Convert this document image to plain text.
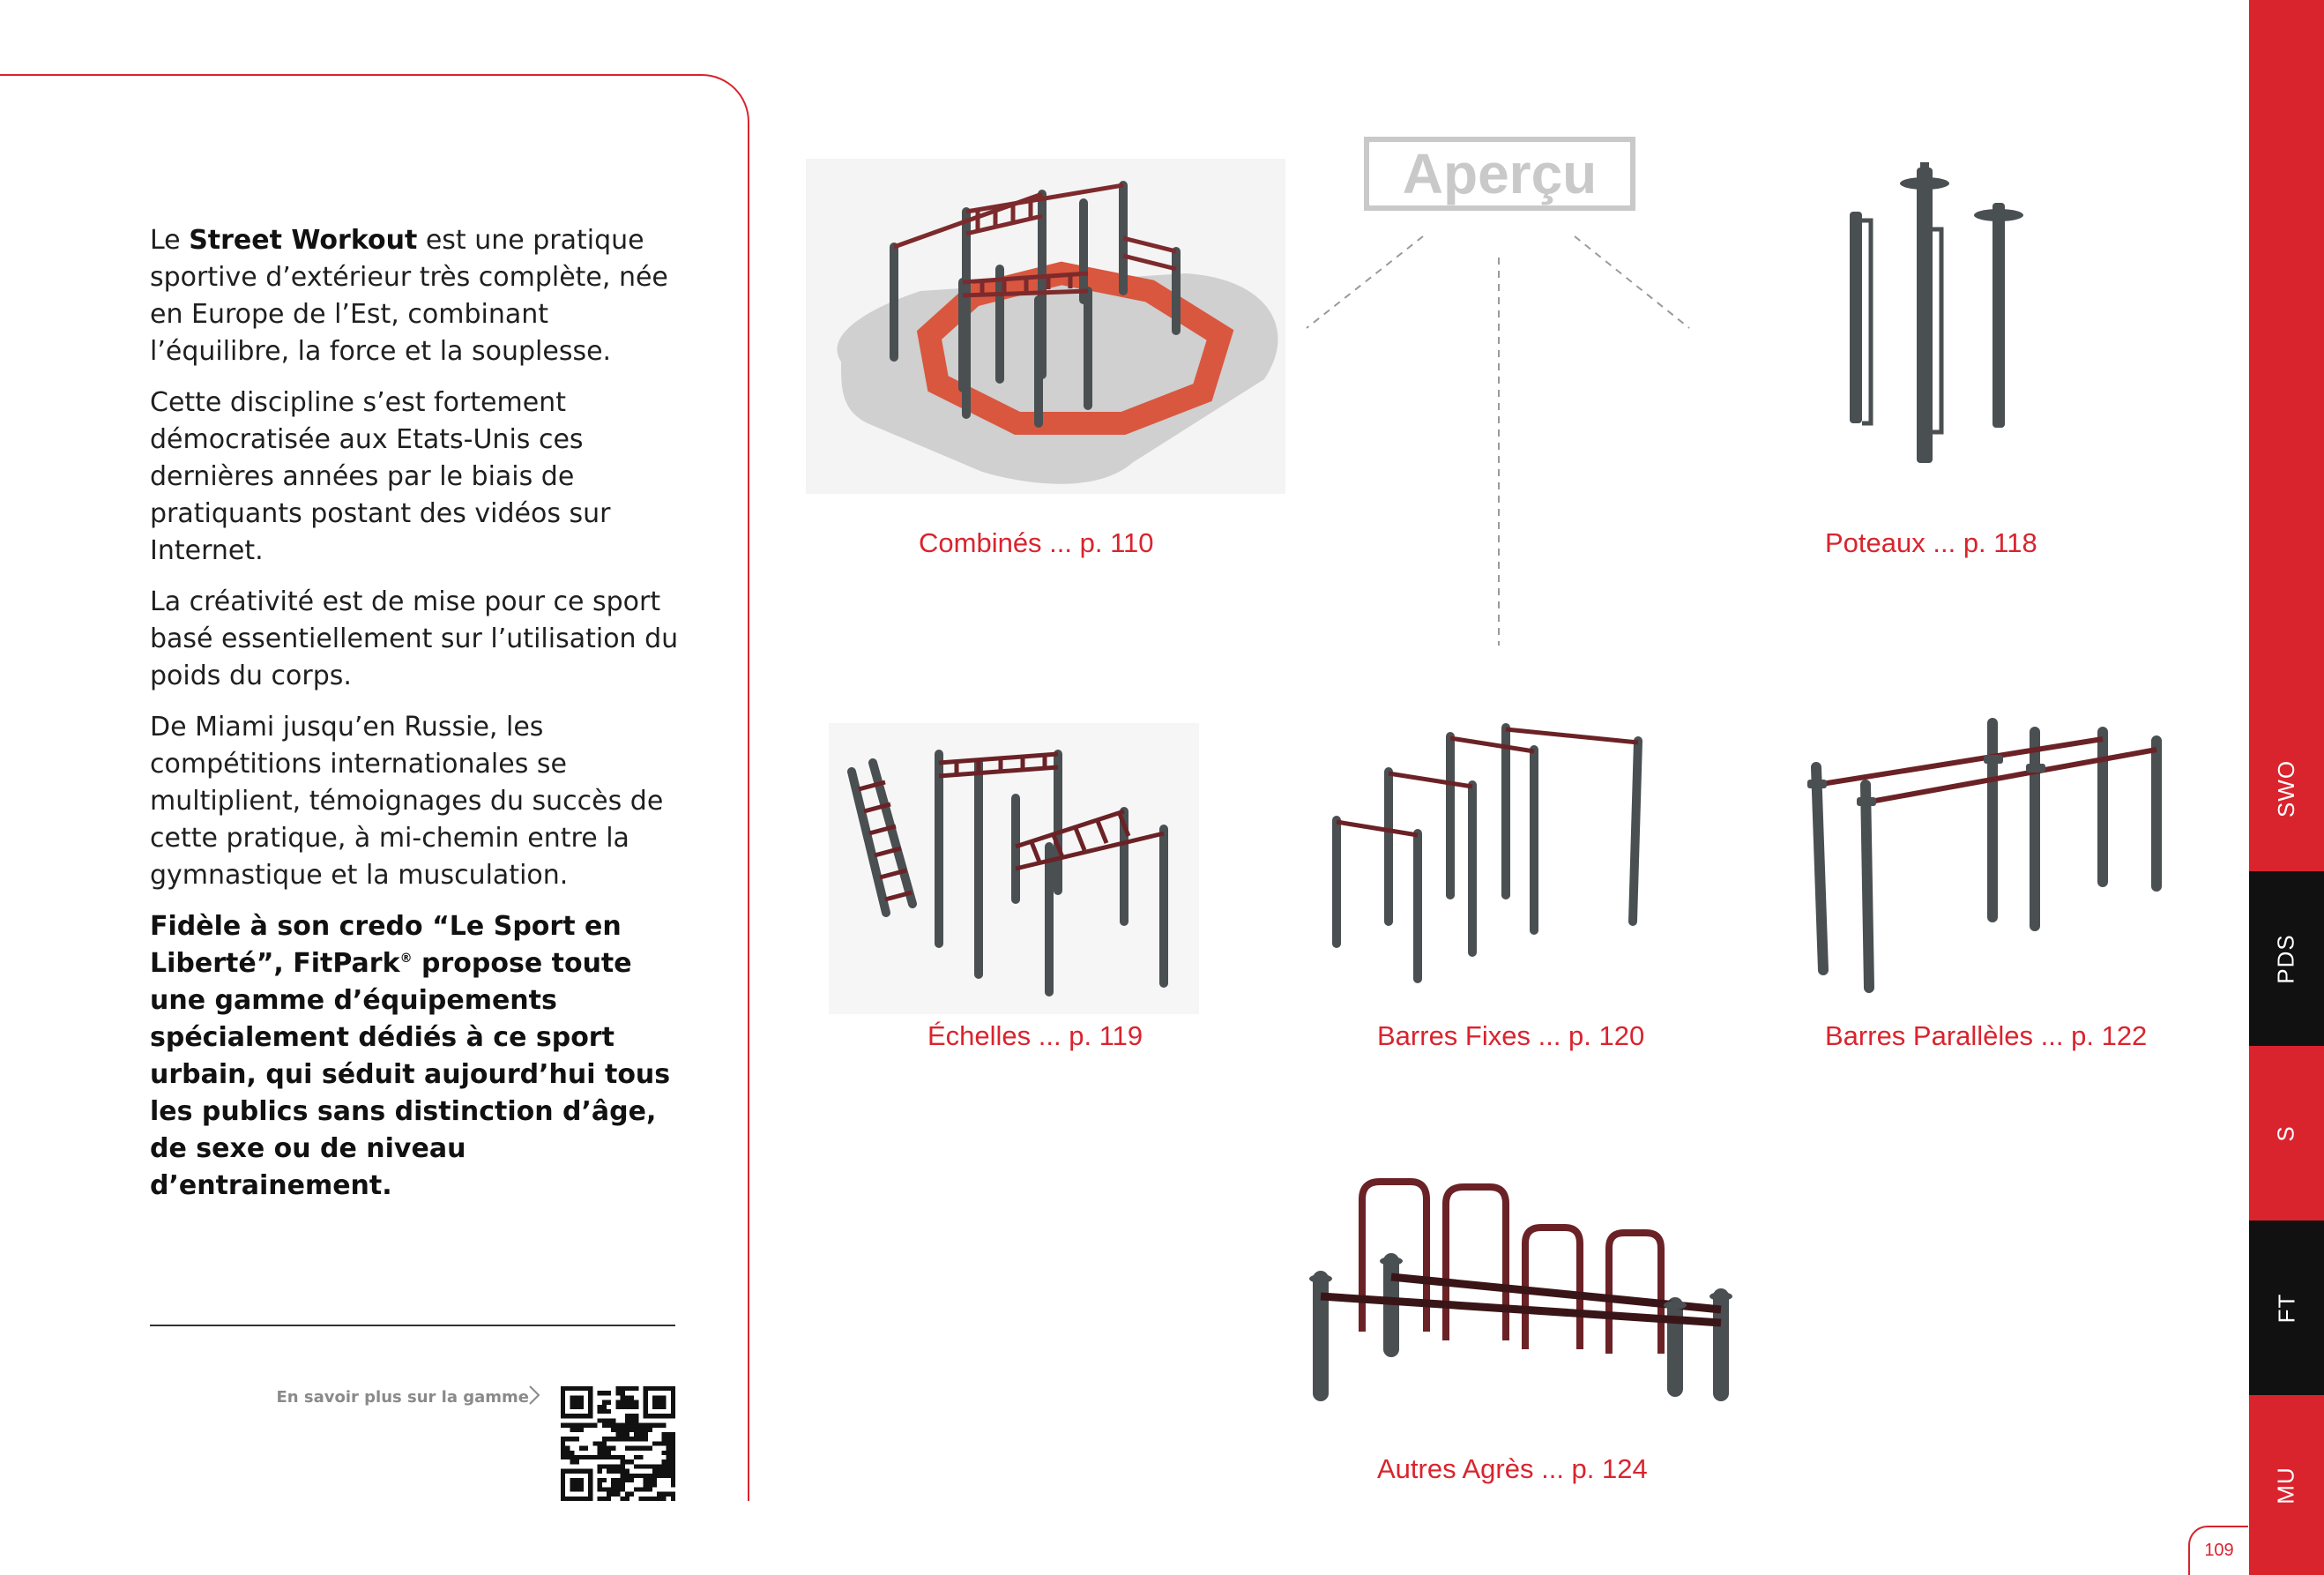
Le Street Workout est une pratique sportive d’extérieur très complète, née en Europe de l’Est, combinant l’équilibre, la force et la souplesse.

Cette discipline s’est fortement démocratisée aux Etats-Unis ces dernières années par le biais de pratiquants postant des vidéos sur Internet.

La créativité est de mise pour ce sport basé essentiellement sur l’utilisation du poids du corps.

De Miami jusqu’en Russie, les compétitions internationales se multiplient, témoignages du succès de cette pratique, à mi-chemin entre la gymnastique et la musculation.

Fidèle à son credo “Le Sport en Liberté”, FitPark® propose toute une gamme d’équipements spécialement dédiés à ce sport urbain, qui séduit aujourd’hui tous les publics sans distinction d’âge, de sexe ou de niveau d’entrainement.

En savoir plus sur la gamme
Aperçu
Combinés ... p. 110	Poteaux ... p. 118
Échelles ... p. 119	Barres Fixes ... p. 120	Barres Parallèles ... p. 122
Autres Agrès ... p. 124
SWO
PDS
S
FT
MU
109
